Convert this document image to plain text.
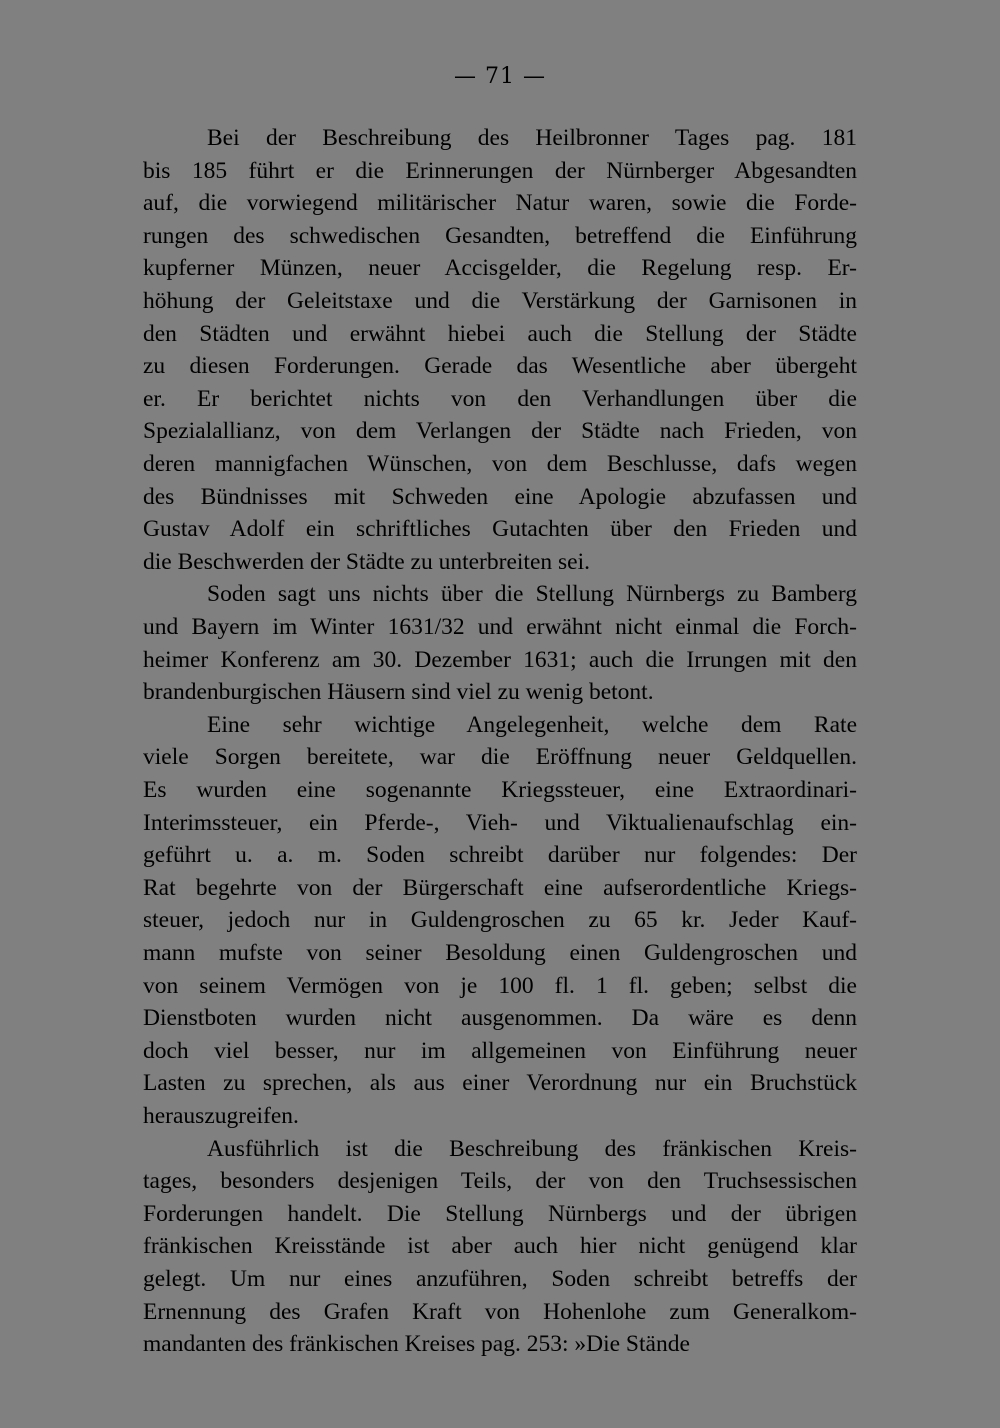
— 71 —
Bei der Beschreibung des Heilbronner Tages pag. 181
bis 185 führt er die Erinnerungen der Nürnberger Abgesandten
auf, die vorwiegend militärischer Natur waren, sowie die Forde-
rungen des schwedischen Gesandten, betreffend die Einführung
kupferner Münzen, neuer Accisgelder, die Regelung resp. Er-
höhung der Geleitstaxe und die Verstärkung der Garnisonen in
den Städten und erwähnt hiebei auch die Stellung der Städte
zu diesen Forderungen. Gerade das Wesentliche aber übergeht
er. Er berichtet nichts von den Verhandlungen über die
Spezialallianz, von dem Verlangen der Städte nach Frieden, von
deren mannigfachen Wünschen, von dem Beschlusse, dafs wegen
des Bündnisses mit Schweden eine Apologie abzufassen und
Gustav Adolf ein schriftliches Gutachten über den Frieden und
die Beschwerden der Städte zu unterbreiten sei.
Soden sagt uns nichts über die Stellung Nürnbergs zu Bamberg
und Bayern im Winter 1631/32 und erwähnt nicht einmal die Forch-
heimer Konferenz am 30. Dezember 1631; auch die Irrungen mit den
brandenburgischen Häusern sind viel zu wenig betont.
Eine sehr wichtige Angelegenheit, welche dem Rate
viele Sorgen bereitete, war die Eröffnung neuer Geldquellen.
Es wurden eine sogenannte Kriegssteuer, eine Extraordinari-
Interimssteuer, ein Pferde-, Vieh- und Viktualienaufschlag ein-
geführt u. a. m. Soden schreibt darüber nur folgendes: Der
Rat begehrte von der Bürgerschaft eine aufserordentliche Kriegs-
steuer, jedoch nur in Guldengroschen zu 65 kr. Jeder Kauf-
mann mufste von seiner Besoldung einen Guldengroschen und
von seinem Vermögen von je 100 fl. 1 fl. geben; selbst die
Dienstboten wurden nicht ausgenommen. Da wäre es denn
doch viel besser, nur im allgemeinen von Einführung neuer
Lasten zu sprechen, als aus einer Verordnung nur ein Bruchstück
herauszugreifen.
Ausführlich ist die Beschreibung des fränkischen Kreis-
tages, besonders desjenigen Teils, der von den Truchsessischen
Forderungen handelt. Die Stellung Nürnbergs und der übrigen
fränkischen Kreisstände ist aber auch hier nicht genügend klar
gelegt. Um nur eines anzuführen, Soden schreibt betreffs der
Ernennung des Grafen Kraft von Hohenlohe zum Generalkom-
mandanten des fränkischen Kreises pag. 253: »Die Stände
